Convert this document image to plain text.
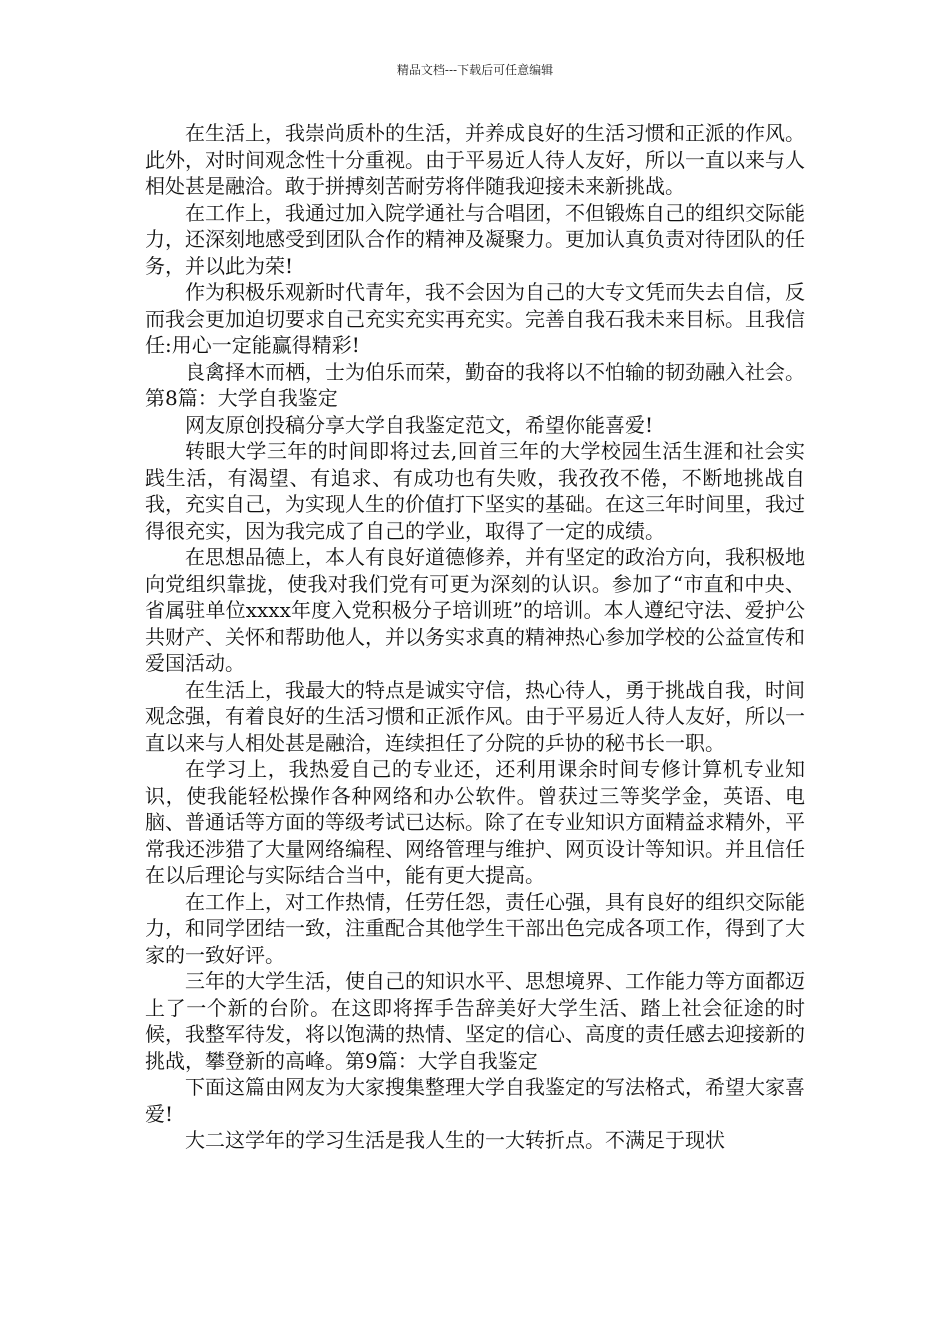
精品文档---下载后可任意编辑

在生活上，我崇尚质朴的生活，并养成良好的生活习惯和正派的作风。此外，对时间观念性十分重视。由于平易近人待人友好，所以一直以来与人相处甚是融洽。敢于拼搏刻苦耐劳将伴随我迎接未来新挑战。

在工作上，我通过加入院学通社与合唱团，不但锻炼自己的组织交际能力，还深刻地感受到团队合作的精神及凝聚力。更加认真负责对待团队的任务，并以此为荣!

作为积极乐观新时代青年，我不会因为自己的大专文凭而失去自信，反而我会更加迫切要求自己充实充实再充实。完善自我石我未来目标。且我信任:用心一定能赢得精彩!

良禽择木而栖，士为伯乐而荣，勤奋的我将以不怕输的韧劲融入社会。第8篇：大学自我鉴定

网友原创投稿分享大学自我鉴定范文，希望你能喜爱!

转眼大学三年的时间即将过去,回首三年的大学校园生活生涯和社会实践生活，有渴望、有追求、有成功也有失败，我孜孜不倦，不断地挑战自我，充实自己，为实现人生的价值打下坚实的基础。在这三年时间里，我过得很充实，因为我完成了自己的学业，取得了一定的成绩。

在思想品德上，本人有良好道德修养，并有坚定的政治方向，我积极地向党组织靠拢，使我对我们党有可更为深刻的认识。参加了“市直和中央、省属驻单位xxxx年度入党积极分子培训班”的培训。本人遵纪守法、爱护公共财产、关怀和帮助他人，并以务实求真的精神热心参加学校的公益宣传和爱国活动。

在生活上，我最大的特点是诚实守信，热心待人，勇于挑战自我，时间观念强，有着良好的生活习惯和正派作风。由于平易近人待人友好，所以一直以来与人相处甚是融洽，连续担任了分院的乒协的秘书长一职。

在学习上，我热爱自己的专业还，还利用课余时间专修计算机专业知识，使我能轻松操作各种网络和办公软件。曾获过三等奖学金，英语、电脑、普通话等方面的等级考试已达标。除了在专业知识方面精益求精外，平常我还涉猎了大量网络编程、网络管理与维护、网页设计等知识。并且信任在以后理论与实际结合当中，能有更大提高。

在工作上，对工作热情，任劳任怨，责任心强，具有良好的组织交际能力，和同学团结一致，注重配合其他学生干部出色完成各项工作，得到了大家的一致好评。

三年的大学生活，使自己的知识水平、思想境界、工作能力等方面都迈上了一个新的台阶。在这即将挥手告辞美好大学生活、踏上社会征途的时候，我整军待发，将以饱满的热情、坚定的信心、高度的责任感去迎接新的挑战，攀登新的高峰。第9篇：大学自我鉴定

下面这篇由网友为大家搜集整理大学自我鉴定的写法格式，希望大家喜爱!

大二这学年的学习生活是我人生的一大转折点。不满足于现状
